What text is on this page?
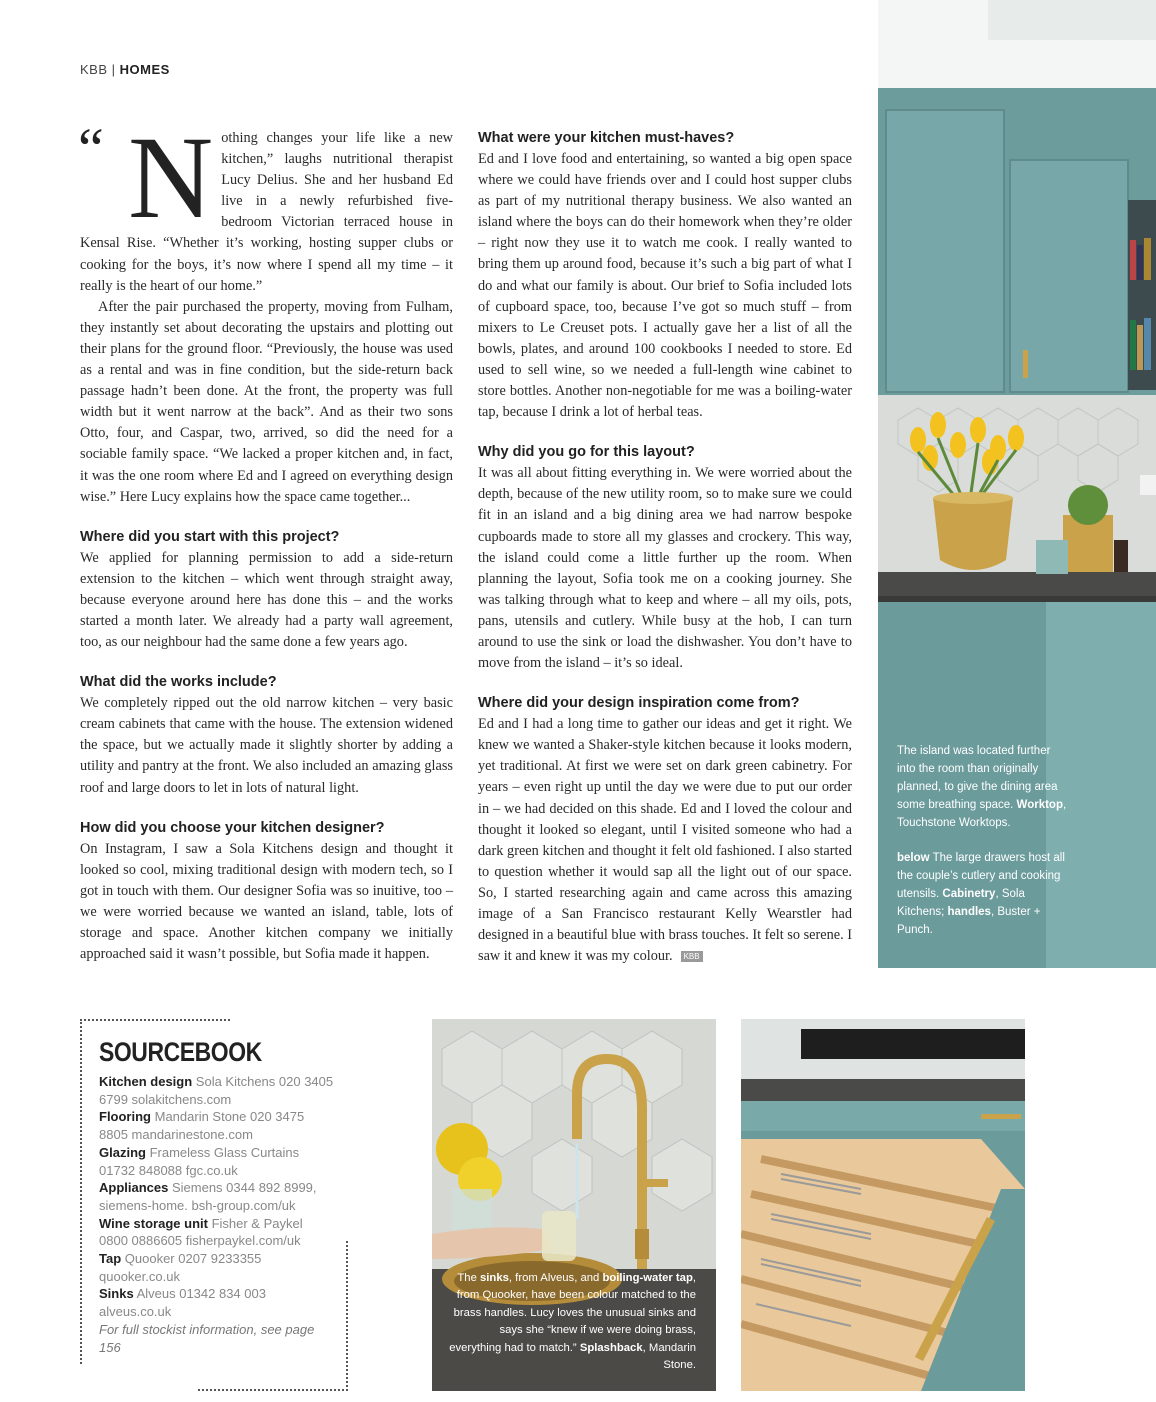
KBB | HOMES
“ N othing changes your life like a new kitchen,” laughs nutritional therapist Lucy Delius. She and her husband Ed live in a newly refurbished five-bedroom Victorian terraced house in Kensal Rise. “Whether it’s working, hosting supper clubs or cooking for the boys, it’s now where I spend all my time – it really is the heart of our home.”

After the pair purchased the property, moving from Fulham, they instantly set about decorating the upstairs and plotting out their plans for the ground floor. “Previously, the house was used as a rental and was in fine condition, but the side-return back passage hadn’t been done. At the front, the property was full width but it went narrow at the back”. And as their two sons Otto, four, and Caspar, two, arrived, so did the need for a sociable family space. “We lacked a proper kitchen and, in fact, it was the one room where Ed and I agreed on everything design wise.” Here Lucy explains how the space came together...

Where did you start with this project?

We applied for planning permission to add a side-return extension to the kitchen – which went through straight away, because everyone around here has done this – and the works started a month later. We already had a party wall agreement, too, as our neighbour had the same done a few years ago.

What did the works include?

We completely ripped out the old narrow kitchen – very basic cream cabinets that came with the house. The extension widened the space, but we actually made it slightly shorter by adding a utility and pantry at the front. We also included an amazing glass roof and large doors to let in lots of natural light.

How did you choose your kitchen designer?

On Instagram, I saw a Sola Kitchens design and thought it looked so cool, mixing traditional design with modern tech, so I got in touch with them. Our designer Sofia was so inuitive, too – we were worried because we wanted an island, table, lots of storage and space. Another kitchen company we initially approached said it wasn’t possible, but Sofia made it happen.

What were your kitchen must-haves?

Ed and I love food and entertaining, so wanted a big open space where we could have friends over and I could host supper clubs as part of my nutritional therapy business. We also wanted an island where the boys can do their homework when they’re older – right now they use it to watch me cook. I really wanted to bring them up around food, because it’s such a big part of what I do and what our family is about. Our brief to Sofia included lots of cupboard space, too, because I’ve got so much stuff – from mixers to Le Creuset pots. I actually gave her a list of all the bowls, plates, and around 100 cookbooks I needed to store. Ed used to sell wine, so we needed a full-length wine cabinet to store bottles. Another non-negotiable for me was a boiling-water tap, because I drink a lot of herbal teas.

Why did you go for this layout?

It was all about fitting everything in. We were worried about the depth, because of the new utility room, so to make sure we could fit in an island and a big dining area we had narrow bespoke cupboards made to store all my glasses and crockery. This way, the island could come a little further up the room. When planning the layout, Sofia took me on a cooking journey. She was talking through what to keep and where – all my oils, pots, pans, utensils and cutlery. While busy at the hob, I can turn around to use the sink or load the dishwasher. You don’t have to move from the island – it’s so ideal.

Where did your design inspiration come from?

Ed and I had a long time to gather our ideas and get it right. We knew we wanted a Shaker-style kitchen because it looks modern, yet traditional. At first we were set on dark green cabinetry. For years – even right up until the day we were due to put our order in – we had decided on this shade. Ed and I loved the colour and thought it looked so elegant, until I visited someone who had a dark green kitchen and thought it felt old fashioned. I also started to question whether it would sap all the light out of our space. So, I started researching again and came across this amazing image of a San Francisco restaurant Kelly Wearstler had designed in a beautiful blue with brass touches. It felt so serene. I saw it and knew it was my colour. KBB

The island was located further into the room than originally planned, to give the dining area some breathing space. Worktop, Touchstone Worktops.

below The large drawers host all the couple’s cutlery and cooking utensils. Cabinetry, Sola Kitchens; handles, Buster + Punch.

SOURCEBOOK
Kitchen design Sola Kitchens 020 3405 6799 solakitchens.com
Flooring Mandarin Stone 020 3475 8805 mandarinestone.com
Glazing Frameless Glass Curtains 01732 848088 fgc.co.uk
Appliances Siemens 0344 892 8999, siemens-home. bsh-group.com/uk
Wine storage unit Fisher & Paykel 0800 0886605 fisherpaykel.com/uk
Tap Quooker 0207 9233355 quooker.co.uk
Sinks Alveus 01342 834 003 alveus.co.uk
For full stockist information, see page 156
The sinks, from Alveus, and boiling-water tap, from Quooker, have been colour matched to the brass handles. Lucy loves the unusual sinks and says she “knew if we were doing brass, everything had to match.” Splashback, Mandarin Stone.
